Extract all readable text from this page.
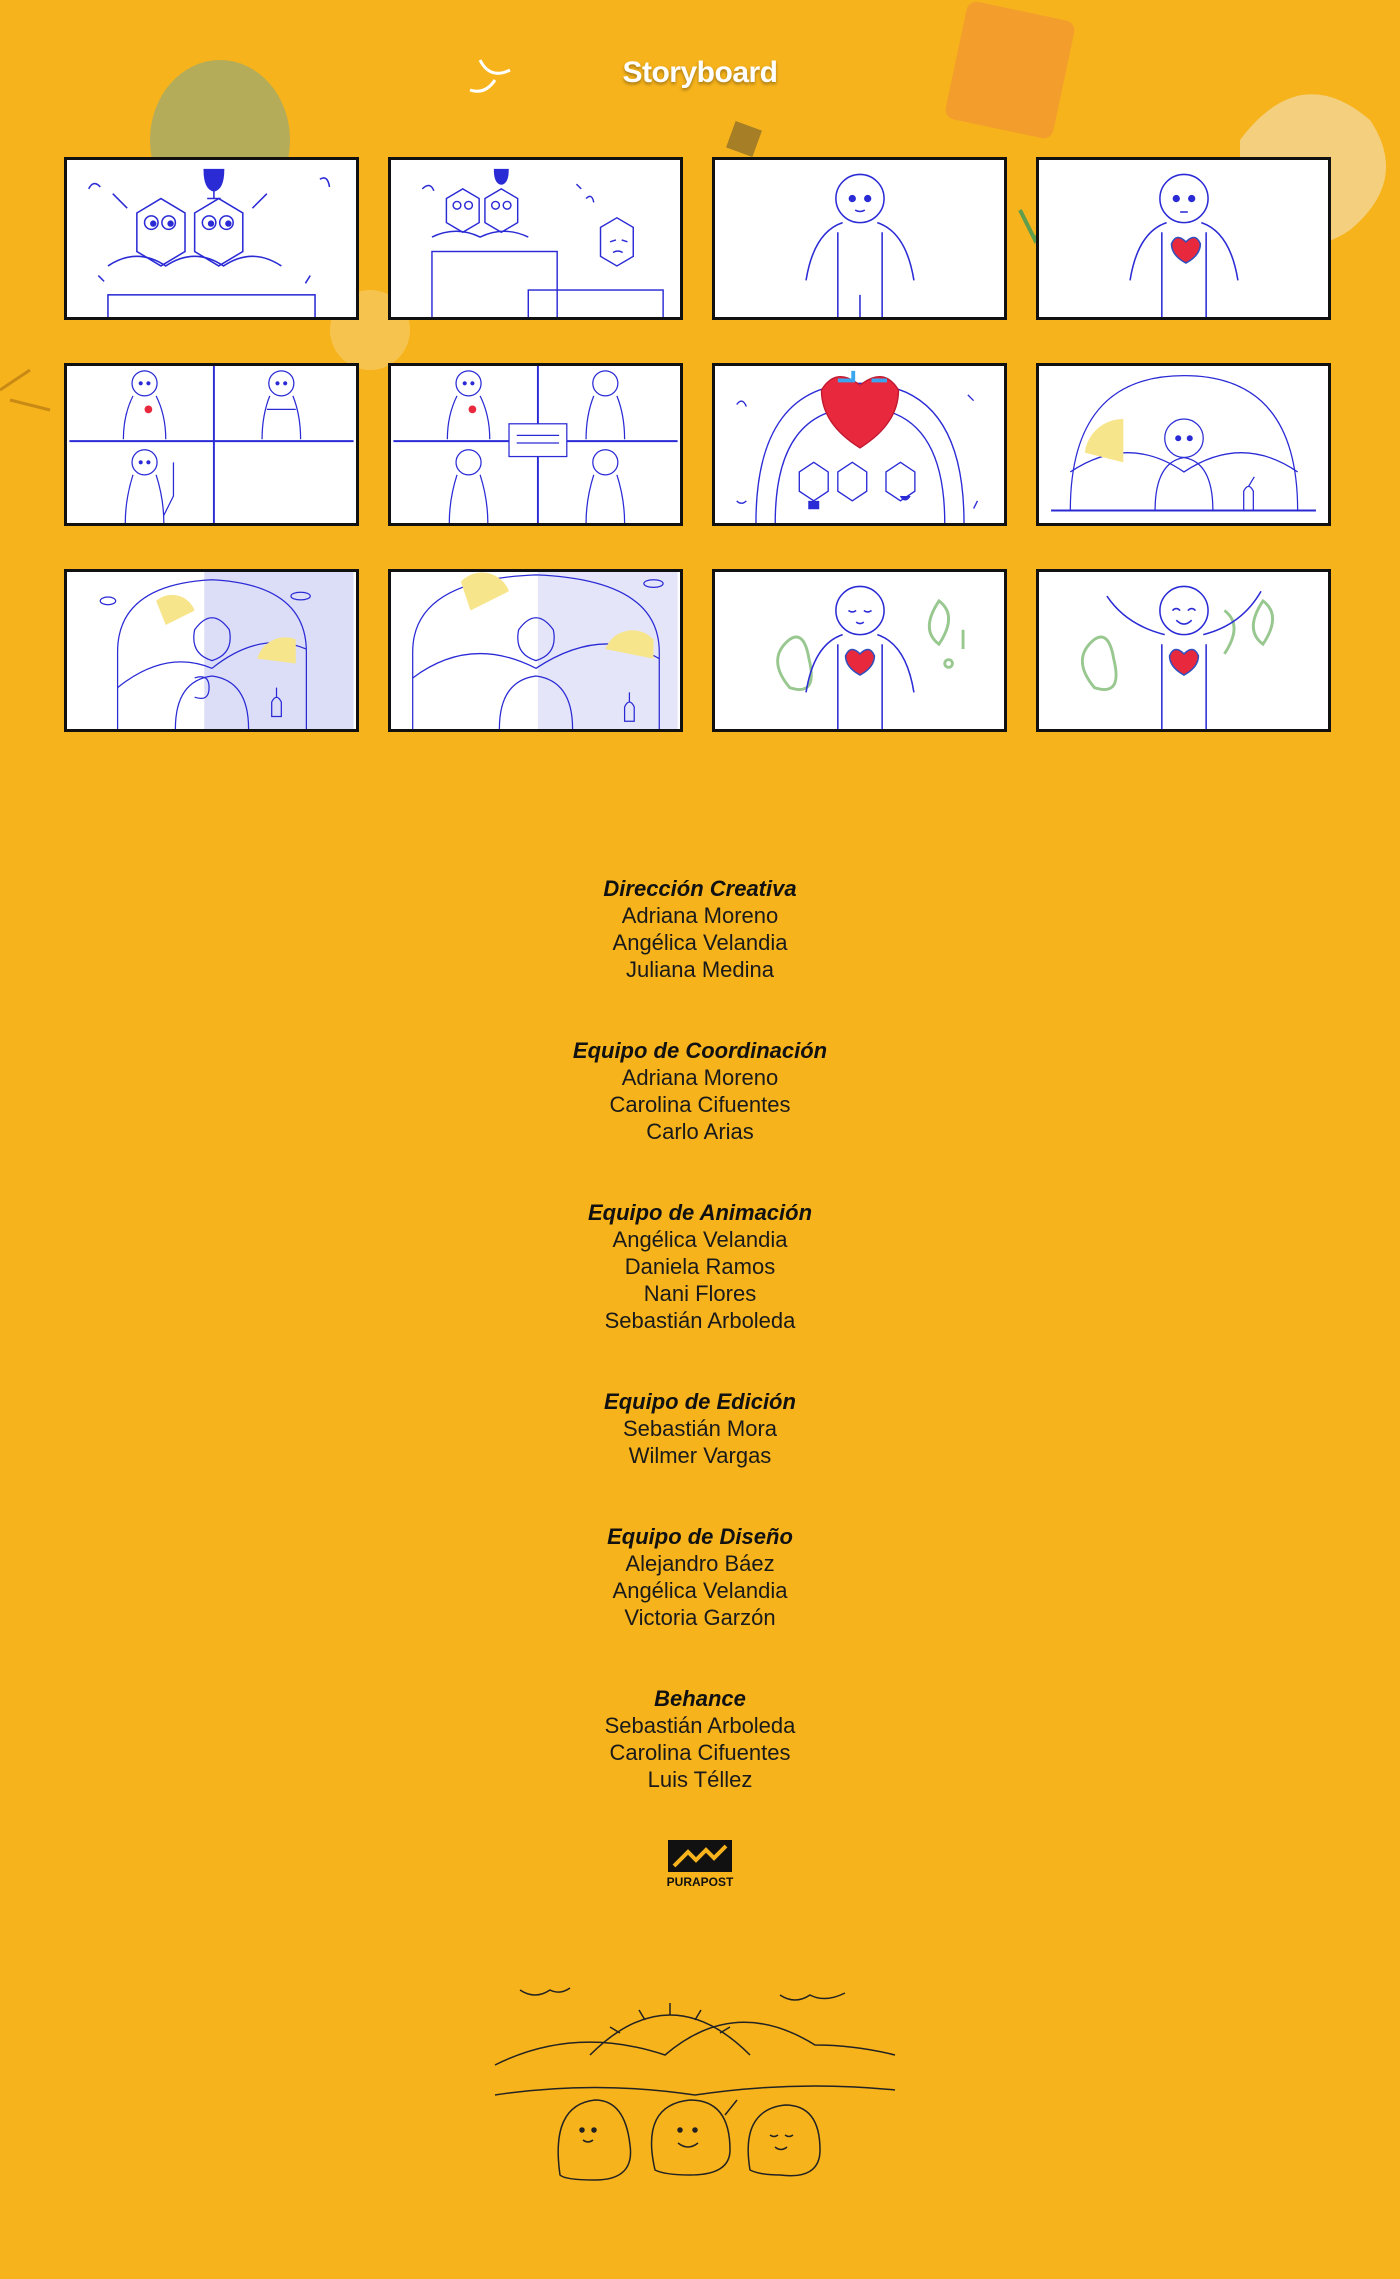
Storyboard
Dirección Creativa
Adriana Moreno
Angélica Velandia
Juliana Medina
Equipo de Coordinación
Adriana Moreno
Carolina Cifuentes
Carlo Arias
Equipo de Animación
Angélica Velandia
Daniela Ramos
Nani Flores
Sebastián Arboleda
Equipo de Edición
Sebastián Mora
Wilmer Vargas
Equipo de Diseño
Alejandro Báez
Angélica Velandia
Victoria Garzón
Behance
Sebastián Arboleda
Carolina Cifuentes
Luis Téllez
PURAPOST
